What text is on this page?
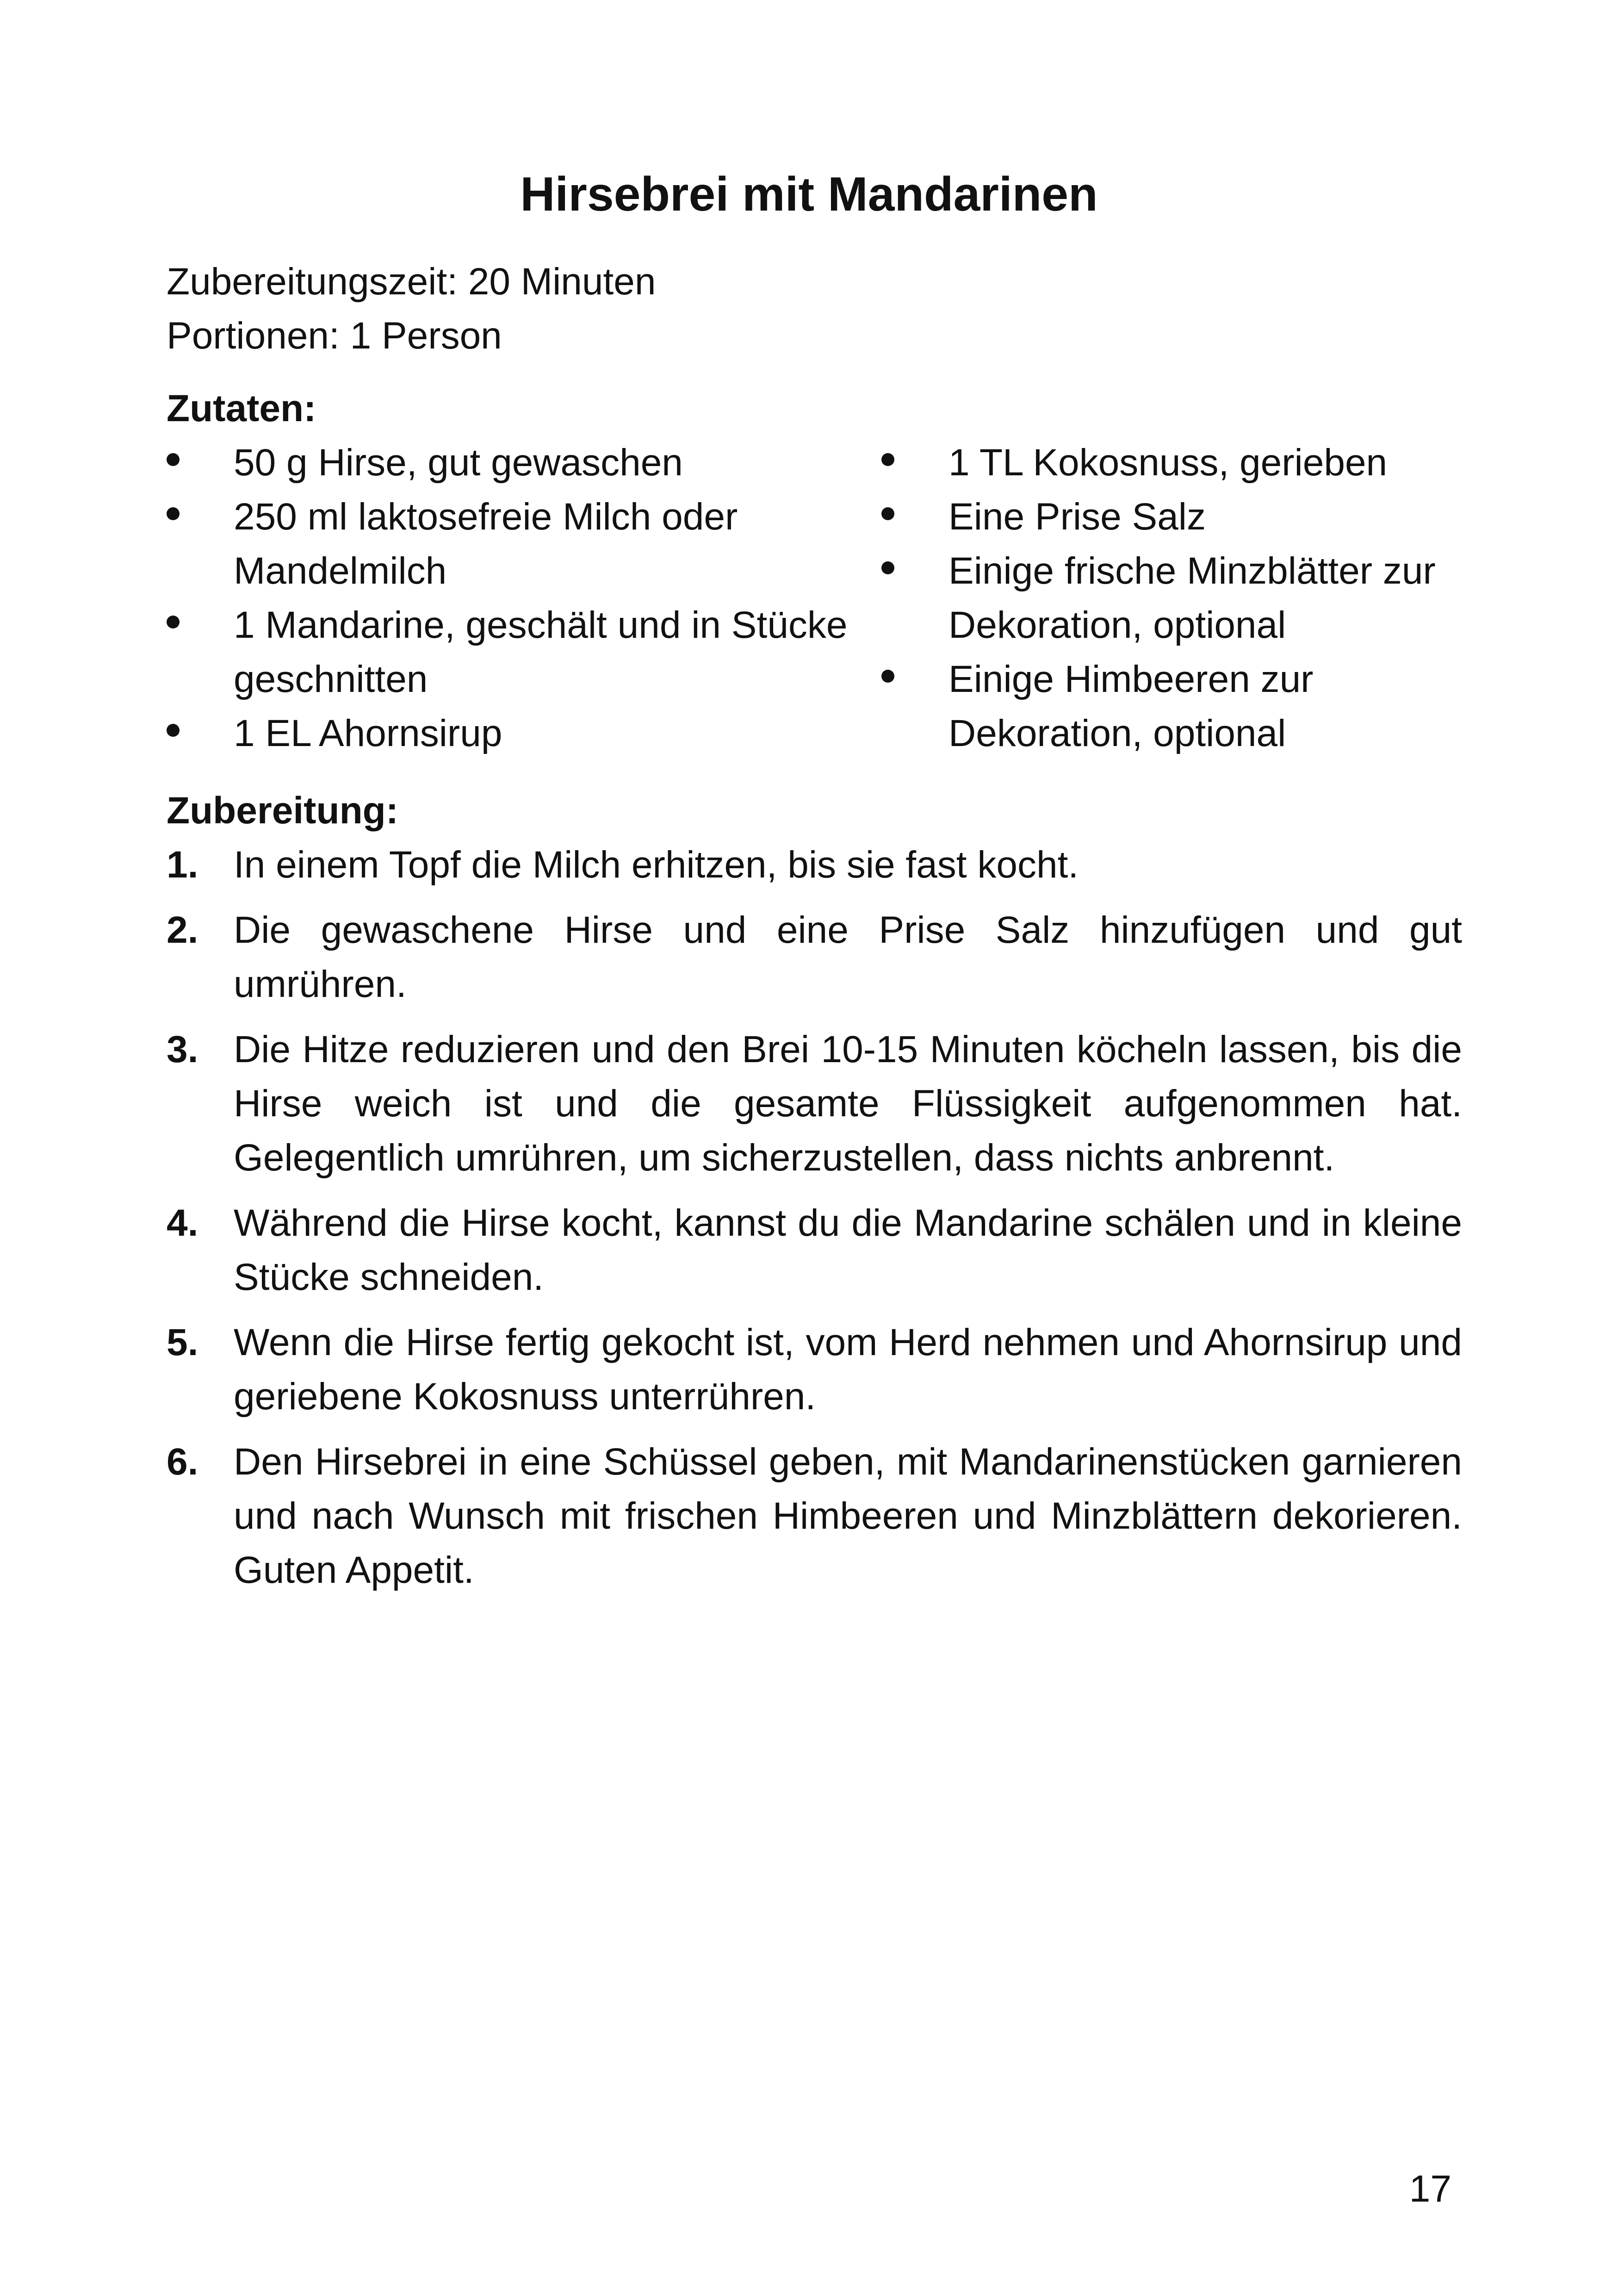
Hirsebrei mit Mandarinen
Zubereitungszeit: 20 Minuten
Portionen: 1 Person
Zutaten:
50 g Hirse, gut gewaschen
250 ml laktosefreie Milch oder Mandelmilch
1 Mandarine, geschält und in Stücke geschnitten
1 EL Ahornsirup
1 TL Kokosnuss, gerieben
Eine Prise Salz
Einige frische Minzblätter zur Dekoration, optional
Einige Himbeeren zur Dekoration, optional
Zubereitung:
1. In einem Topf die Milch erhitzen, bis sie fast kocht.
2. Die gewaschene Hirse und eine Prise Salz hinzufügen und gut umrühren.
3. Die Hitze reduzieren und den Brei 10-15 Minuten köcheln lassen, bis die Hirse weich ist und die gesamte Flüssigkeit aufgenommen hat. Gelegentlich umrühren, um sicherzustellen, dass nichts anbrennt.
4. Während die Hirse kocht, kannst du die Mandarine schälen und in kleine Stücke schneiden.
5. Wenn die Hirse fertig gekocht ist, vom Herd nehmen und Ahornsirup und geriebene Kokosnuss unterrühren.
6. Den Hirsebrei in eine Schüssel geben, mit Mandarinenstücken garnieren und nach Wunsch mit frischen Himbeeren und Minzblättern dekorieren. Guten Appetit.
17
